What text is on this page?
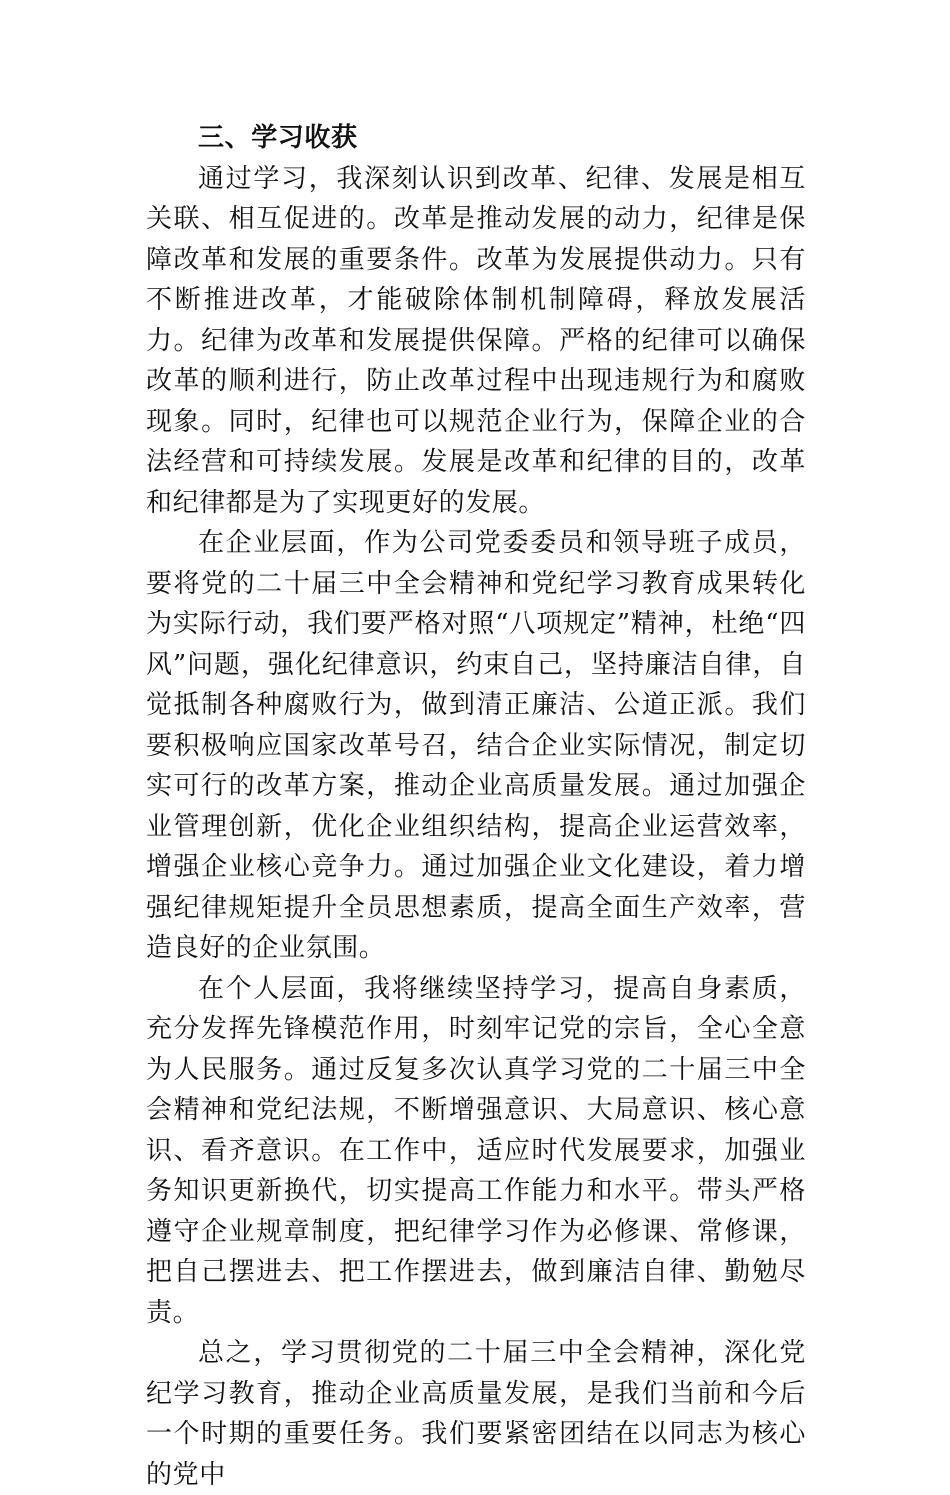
三、学习收获

通过学习，我深刻认识到改革、纪律、发展是相互关联、相互促进的。改革是推动发展的动力，纪律是保障改革和发展的重要条件。改革为发展提供动力。只有不断推进改革，才能破除体制机制障碍，释放发展活力。纪律为改革和发展提供保障。严格的纪律可以确保改革的顺利进行，防止改革过程中出现违规行为和腐败现象。同时，纪律也可以规范企业行为，保障企业的合法经营和可持续发展。发展是改革和纪律的目的，改革和纪律都是为了实现更好的发展。

在企业层面，作为公司党委委员和领导班子成员，要将党的二十届三中全会精神和党纪学习教育成果转化为实际行动，我们要严格对照“八项规定”精神，杜绝“四风”问题，强化纪律意识，约束自己，坚持廉洁自律，自觉抵制各种腐败行为，做到清正廉洁、公道正派。我们要积极响应国家改革号召，结合企业实际情况，制定切实可行的改革方案，推动企业高质量发展。通过加强企业管理创新，优化企业组织结构，提高企业运营效率，增强企业核心竞争力。通过加强企业文化建设，着力增强纪律规矩提升全员思想素质，提高全面生产效率，营造良好的企业氛围。

在个人层面，我将继续坚持学习，提高自身素质，充分发挥先锋模范作用，时刻牢记党的宗旨，全心全意为人民服务。通过反复多次认真学习党的二十届三中全会精神和党纪法规，不断增强意识、大局意识、核心意识、看齐意识。在工作中，适应时代发展要求，加强业务知识更新换代，切实提高工作能力和水平。带头严格遵守企业规章制度，把纪律学习作为必修课、常修课，把自己摆进去、把工作摆进去，做到廉洁自律、勤勉尽责。

总之，学习贯彻党的二十届三中全会精神，深化党纪学习教育，推动企业高质量发展，是我们当前和今后一个时期的重要任务。我们要紧密团结在以同志为核心的党中
